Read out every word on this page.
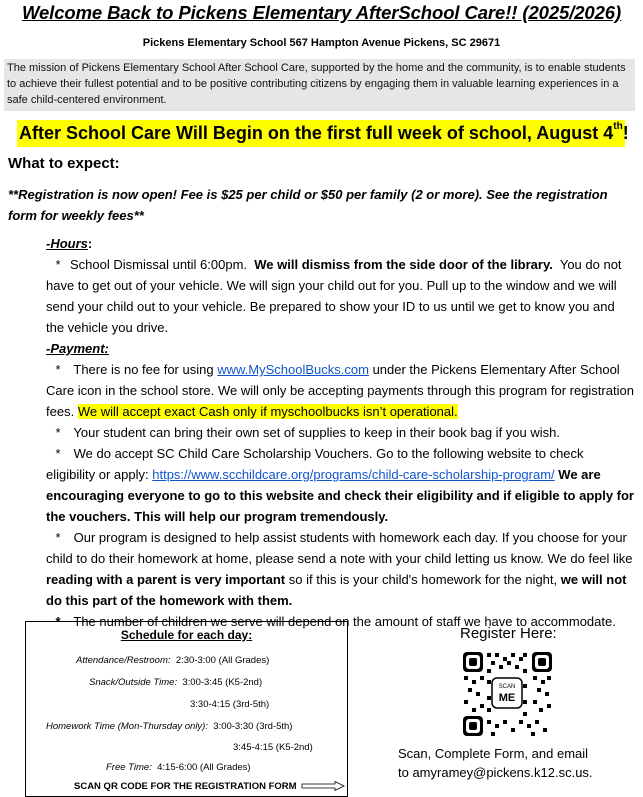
Welcome Back to Pickens Elementary AfterSchool Care!! (2025/2026)
Pickens Elementary School 567 Hampton Avenue Pickens, SC 29671
The mission of Pickens Elementary School After School Care, supported by the home and the community, is to enable students to achieve their fullest potential and to be positive contributing citizens by engaging them in valuable learning experiences in a safe child-centered environment.
After School Care Will Begin on the first full week of school, August 4th!
What to expect:
**Registration is now open! Fee is $25 per child or $50 per family (2 or more). See the registration form for weekly fees**

-Hours:

* School Dismissal until 6:00pm. We will dismiss from the side door of the library. You do not have to get out of your vehicle. We will sign your child out for you. Pull up to the window and we will send your child out to your vehicle. Be prepared to show your ID to us until we get to know you and the vehicle you drive.

-Payment:

* There is no fee for using www.MySchoolBucks.com under the Pickens Elementary After School Care icon in the school store. We will only be accepting payments through this program for registration fees. We will accept exact Cash only if myschoolbucks isn’t operational.

* Your student can bring their own set of supplies to keep in their book bag if you wish.

* We do accept SC Child Care Scholarship Vouchers. Go to the following website to check eligibility or apply: https://www.scchildcare.org/programs/child-care-scholarship-program/ We are encouraging everyone to go to this website and check their eligibility and if eligible to apply for the vouchers. This will help our program tremendously.

* Our program is designed to help assist students with homework each day. If you choose for your child to do their homework at home, please send a note with your child letting us know. We do feel like reading with a parent is very important so if this is your child's homework for the night, we will not do this part of the homework with them.

* The number of children we serve will depend on the amount of staff we have to accommodate.

Schedule for each day:
Attendance/Restroom: 2:30-3:00 (All Grades)
Snack/Outside Time: 3:00-3:45 (K5-2nd)
3:30-4:15 (3rd-5th)
Homework Time (Mon-Thursday only): 3:00-3:30 (3rd-5th)
3:45-4:15 (K5-2nd)
Free Time: 4:15-6:00 (All Grades)
SCAN QR CODE FOR THE REGISTRATION FORM
Register Here:
SCAN
ME
Scan, Complete Form, and email
to amyramey@pickens.k12.sc.us.
